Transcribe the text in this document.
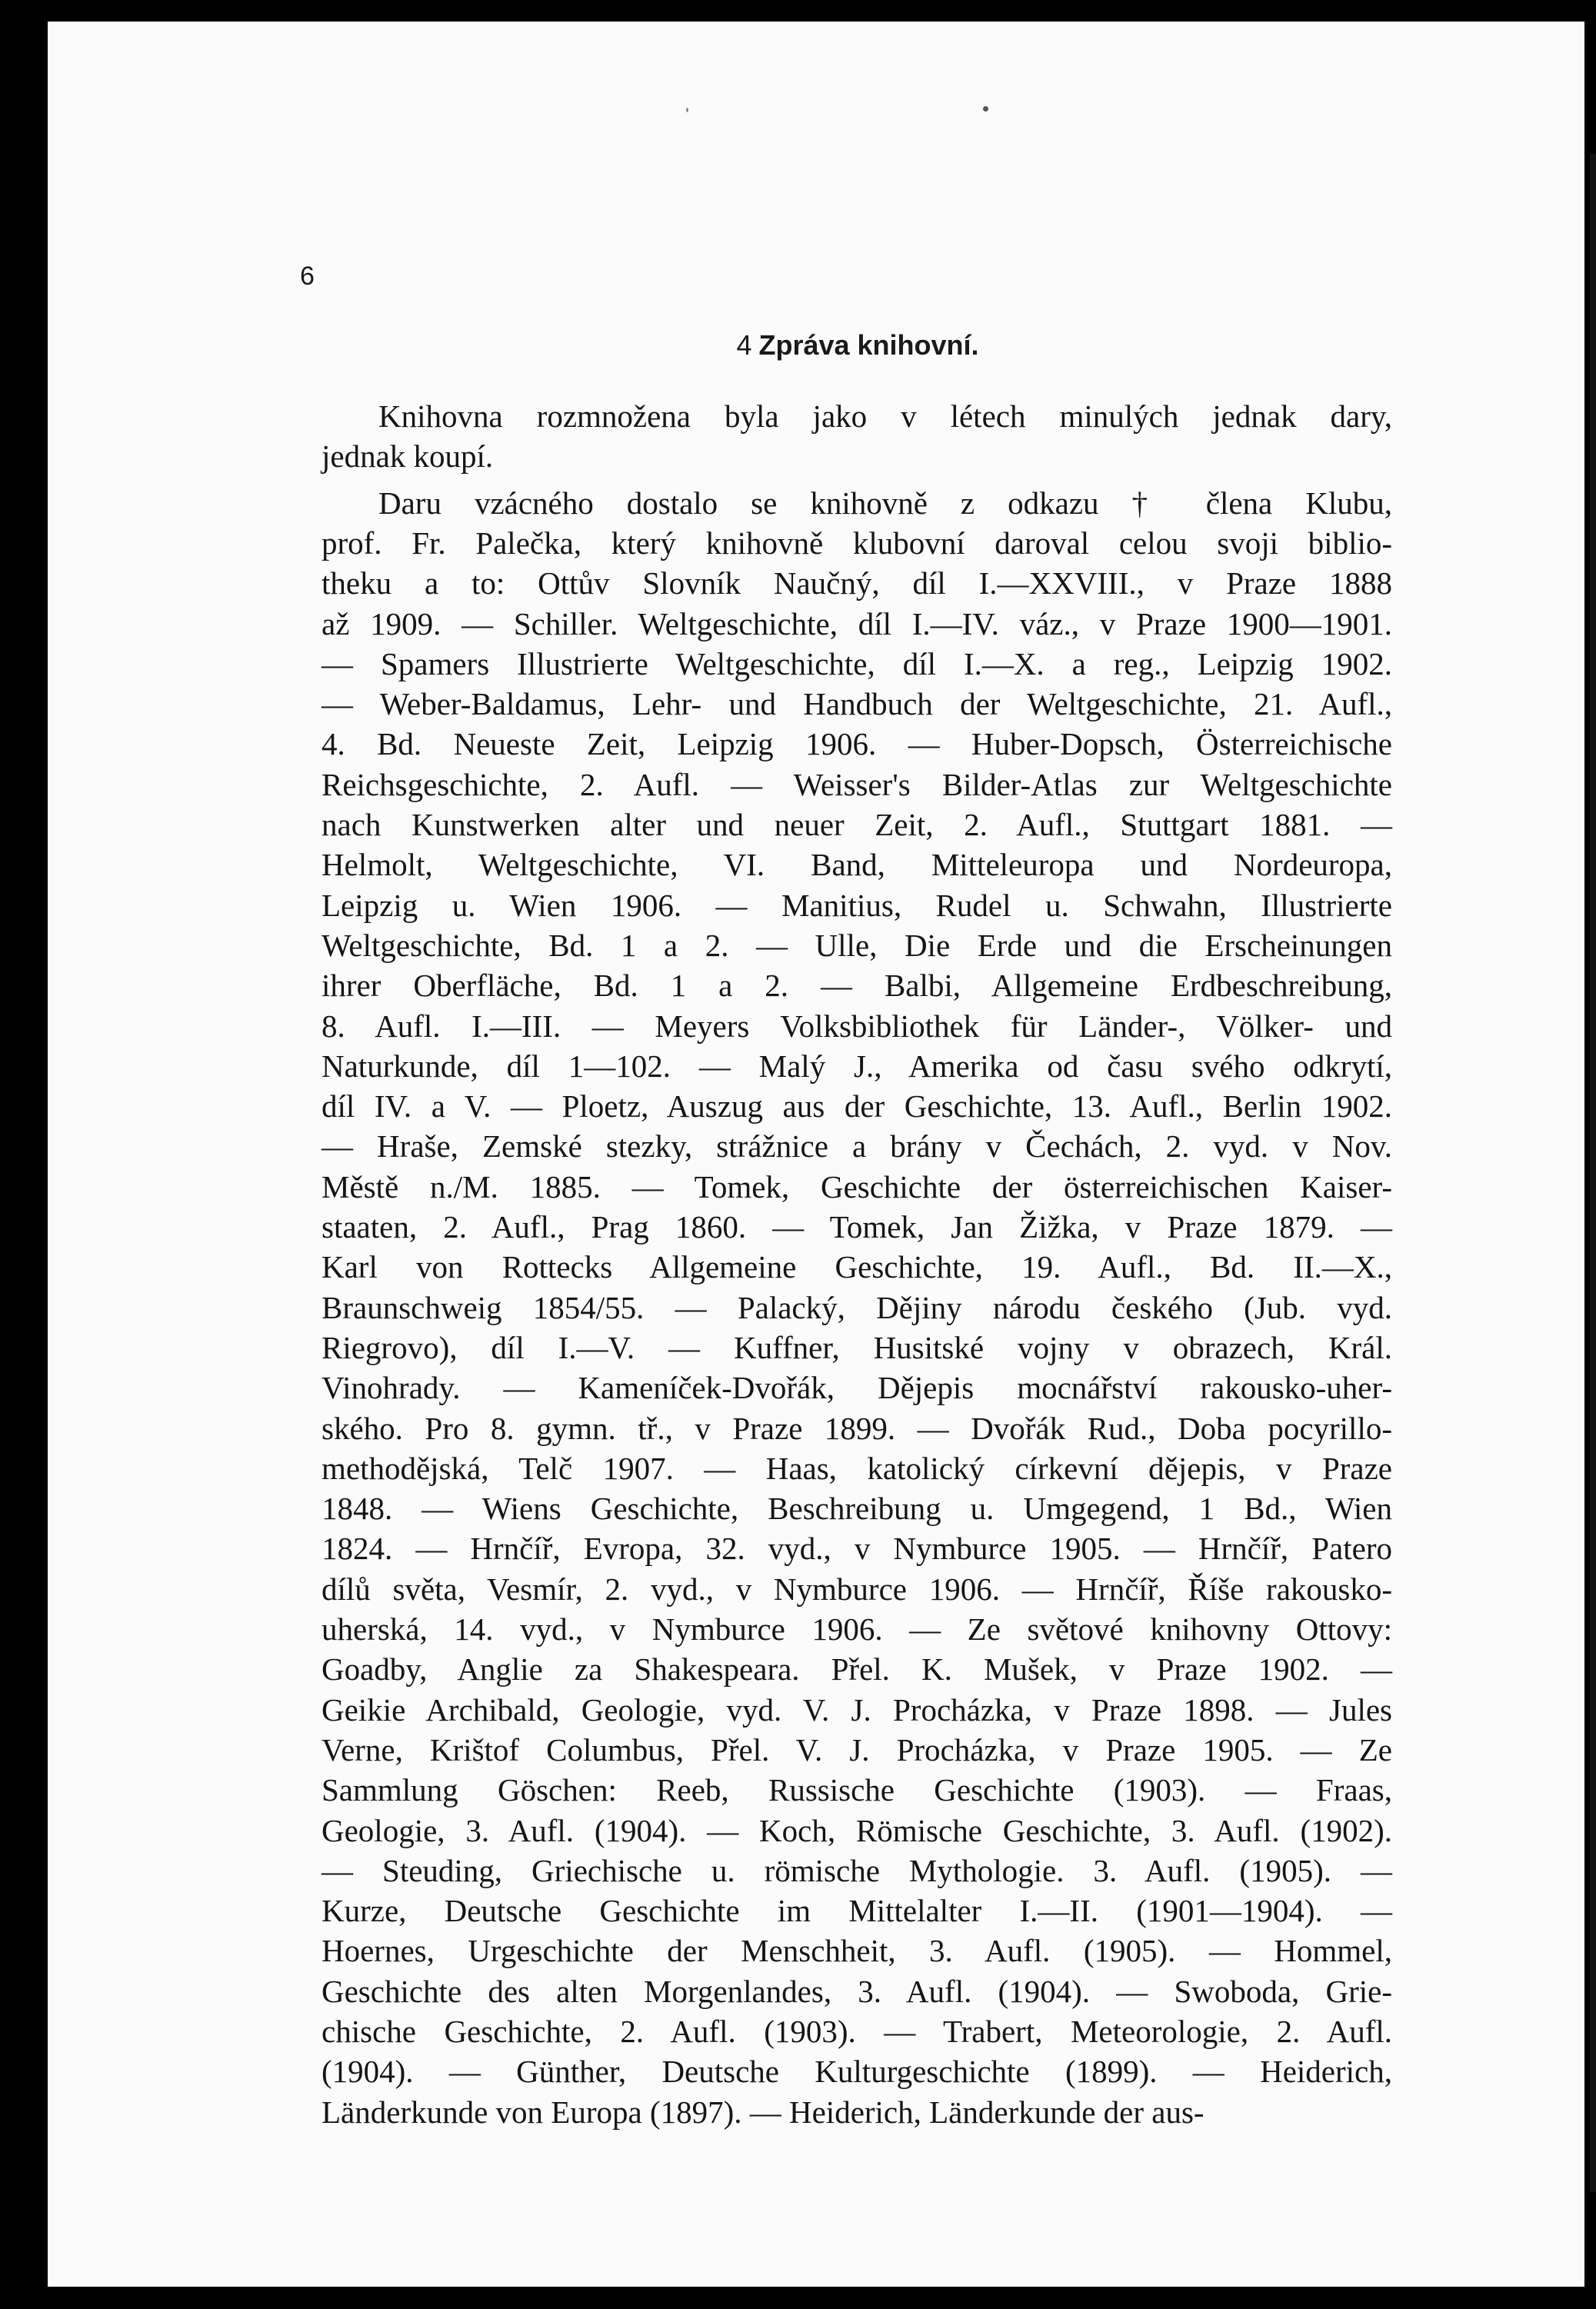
6

4 Zpráva knihovní.

Knihovna rozmnožena byla jako v létech minulých jednak dary,

jednak koupí.

Daru vzácného dostalo se knihovně z odkazu † člena Klubu,

prof. Fr. Palečka, který knihovně klubovní daroval celou svoji biblio-

theku a to: Ottův Slovník Naučný, díl I.—XXVIII., v Praze 1888

až 1909. — Schiller. Weltgeschichte, díl I.—IV. váz., v Praze 1900—1901.

— Spamers Illustrierte Weltgeschichte, díl I.—X. a reg., Leipzig 1902.

— Weber-Baldamus, Lehr- und Handbuch der Weltgeschichte, 21. Aufl.,

4. Bd. Neueste Zeit, Leipzig 1906. — Huber-Dopsch, Österreichische

Reichsgeschichte, 2. Aufl. — Weisser's Bilder-Atlas zur Weltgeschichte

nach Kunstwerken alter und neuer Zeit, 2. Aufl., Stuttgart 1881. —

Helmolt, Weltgeschichte, VI. Band, Mitteleuropa und Nordeuropa,

Leipzig u. Wien 1906. — Manitius, Rudel u. Schwahn, Illustrierte

Weltgeschichte, Bd. 1 a 2. — Ulle, Die Erde und die Erscheinungen

ihrer Oberfläche, Bd. 1 a 2. — Balbi, Allgemeine Erdbeschreibung,

8. Aufl. I.—III. — Meyers Volksbibliothek für Länder-, Völker- und

Naturkunde, díl 1—102. — Malý J., Amerika od času svého odkrytí,

díl IV. a V. — Ploetz, Auszug aus der Geschichte, 13. Aufl., Berlin 1902.

— Hraše, Zemské stezky, strážnice a brány v Čechách, 2. vyd. v Nov.

Městě n./M. 1885. — Tomek, Geschichte der österreichischen Kaiser-

staaten, 2. Aufl., Prag 1860. — Tomek, Jan Žižka, v Praze 1879. —

Karl von Rottecks Allgemeine Geschichte, 19. Aufl., Bd. II.—X.,

Braunschweig 1854/55. — Palacký, Dějiny národu českého (Jub. vyd.

Riegrovo), díl I.—V. — Kuffner, Husitské vojny v obrazech, Král.

Vinohrady. — Kameníček-Dvořák, Dějepis mocnářství rakousko-uher-

ského. Pro 8. gymn. tř., v Praze 1899. — Dvořák Rud., Doba pocyrillo-

methodějská, Telč 1907. — Haas, katolický církevní dějepis, v Praze

1848. — Wiens Geschichte, Beschreibung u. Umgegend, 1 Bd., Wien

1824. — Hrnčíř, Evropa, 32. vyd., v Nymburce 1905. — Hrnčíř, Patero

dílů světa, Vesmír, 2. vyd., v Nymburce 1906. — Hrnčíř, Říše rakousko-

uherská, 14. vyd., v Nymburce 1906. — Ze světové knihovny Ottovy:

Goadby, Anglie za Shakespeara. Přel. K. Mušek, v Praze 1902. —

Geikie Archibald, Geologie, vyd. V. J. Procházka, v Praze 1898. — Jules

Verne, Krištof Columbus, Přel. V. J. Procházka, v Praze 1905. — Ze

Sammlung Göschen: Reeb, Russische Geschichte (1903). — Fraas,

Geologie, 3. Aufl. (1904). — Koch, Römische Geschichte, 3. Aufl. (1902).

— Steuding, Griechische u. römische Mythologie. 3. Aufl. (1905). —

Kurze, Deutsche Geschichte im Mittelalter I.—II. (1901—1904). —

Hoernes, Urgeschichte der Menschheit, 3. Aufl. (1905). — Hommel,

Geschichte des alten Morgenlandes, 3. Aufl. (1904). — Swoboda, Grie-

chische Geschichte, 2. Aufl. (1903). — Trabert, Meteorologie, 2. Aufl.

(1904). — Günther, Deutsche Kulturgeschichte (1899). — Heiderich,

Länderkunde von Europa (1897). — Heiderich, Länderkunde der aus-
